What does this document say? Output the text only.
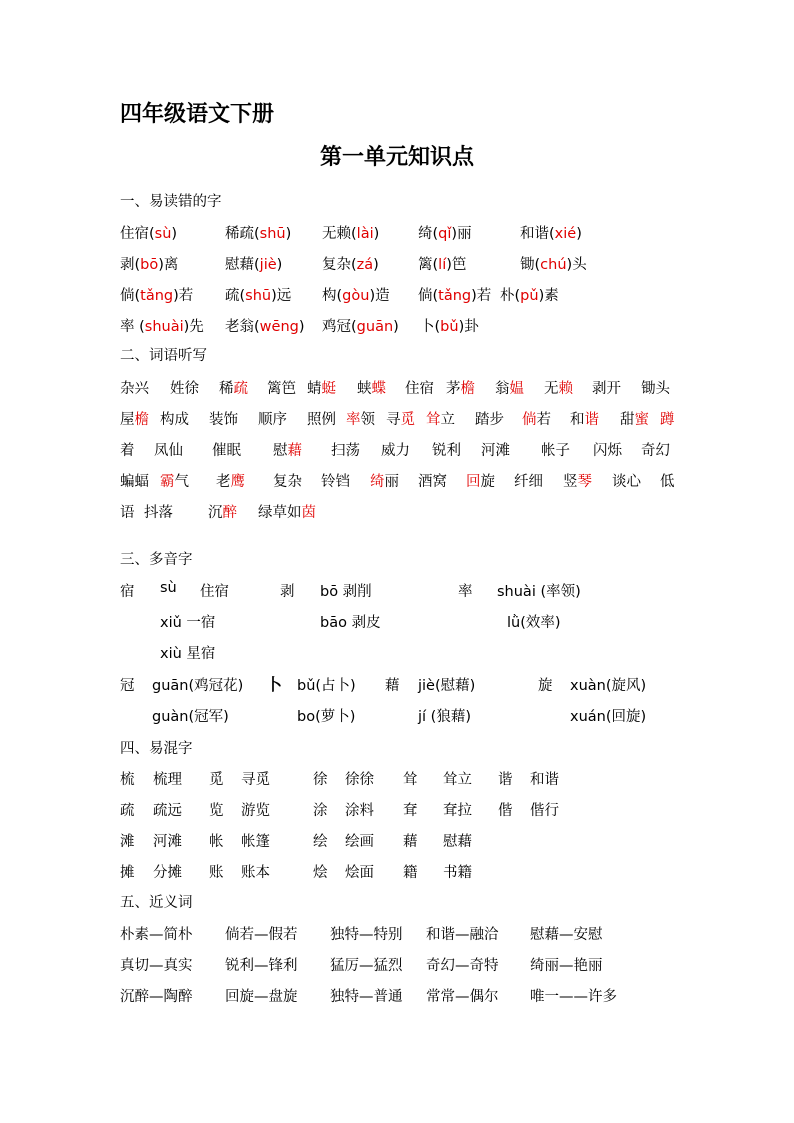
四年级语文下册
第一单元知识点
一、易读错的字
住宿(sù)	稀疏(shū) 无赖(lài)	绮(qǐ)丽	和谐(xié)
剥(bō)离	慰藉(jiè)	复杂(zá)	篱(lí)笆	锄(chú)头
倘(tǎng)若 疏(shū)远 构(gòu)造 倘(tǎng)若 朴(pǔ)素
率 (shuài)先 老翁(wēng) 鸡冠(guān) 卜(bǔ)卦
二、词语听写
杂兴 姓徐 稀疏 篱笆 蜻蜓 蛱蝶 住宿 茅檐 翁媪 无赖 剥开 锄头
屋檐 构成 装饰 顺序 照例 率领 寻觅 耸立 踏步 倘若 和谐 甜蜜 蹲
着 凤仙 催眠 慰藉 扫荡 威力 锐利 河滩 帐子 闪烁 奇幻
蝙蝠 霸气 老鹰 复杂 铃铛 绮丽 酒窝 回旋 纤细 竖琴 谈心 低
语 抖落 沉醉 绿草如茵
三、多音字
宿 sù 住宿	剥 bō 剥削	率 shuài (率领)
xiǔ 一宿	bāo 剥皮	lǜ(效率)
xiù 星宿
冠 guān(鸡冠花) 卜 bǔ(占卜) 藉 jiè(慰藉)	旋 xuàn(旋风)
guàn(冠军)	bo(萝卜)	jí (狼藉)	xuán(回旋)
四、易混字
梳 梳理 觅 寻觅	徐 徐徐 耸 耸立 谐 和谐
疏 疏远 览 游览	涂 涂料 耷 耷拉 偕 偕行
滩 河滩 帐 帐篷	绘 绘画 藉 慰藉
摊 分摊 账 账本	烩 烩面 籍 书籍
五、近义词
朴素—简朴 倘若—假若 独特—特别 和谐—融洽 慰藉—安慰
真切—真实 锐利—锋利 猛厉—猛烈 奇幻—奇特 绮丽—艳丽
沉醉—陶醉 回旋—盘旋 独特—普通 常常—偶尔 唯一——许多
